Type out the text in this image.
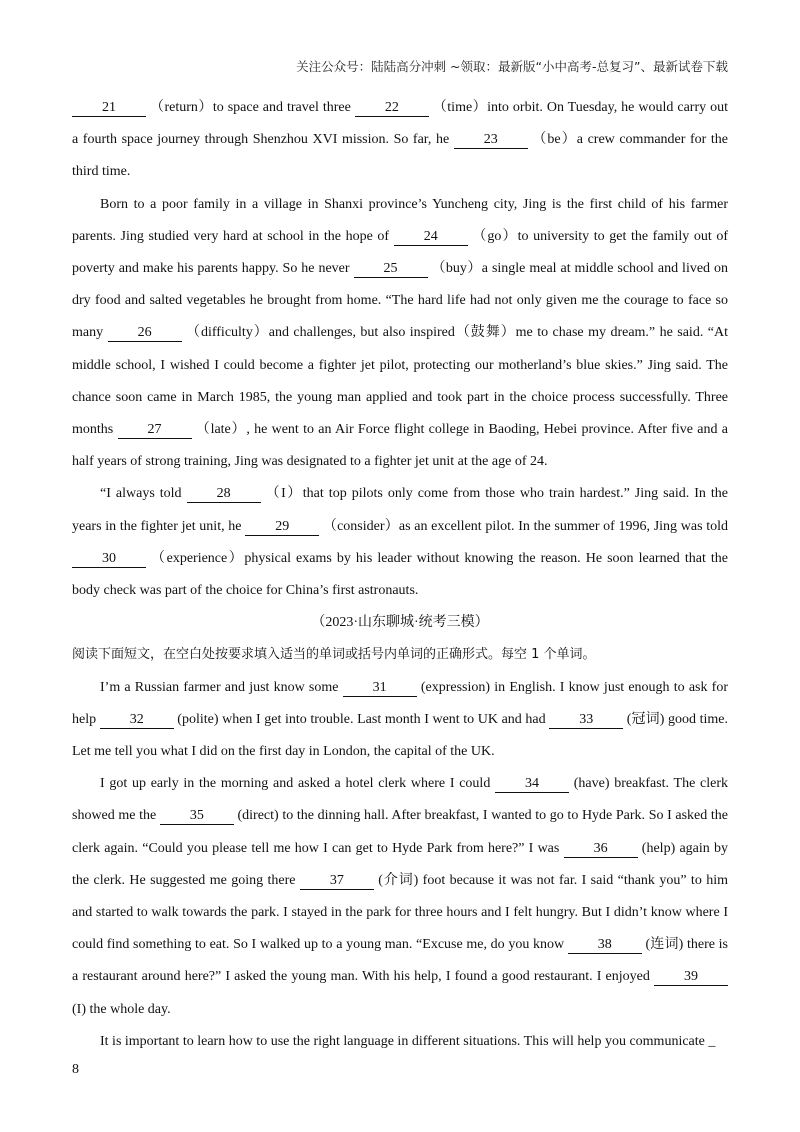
关注公众号：陆陆高分冲刺 ~领取：最新版“小中高考-总复习”、最新试卷下载

21 （return）to space and travel three 22 （time）into orbit. On Tuesday, he would carry out a fourth space journey through Shenzhou XVI mission. So far, he 23 （be）a crew commander for the third time.

Born to a poor family in a village in Shanxi province’s Yuncheng city, Jing is the first child of his farmer parents. Jing studied very hard at school in the hope of 24 （go）to university to get the family out of poverty and make his parents happy. So he never 25 （buy）a single meal at middle school and lived on dry food and salted vegetables he brought from home. “The hard life had not only given me the courage to face so many 26 （difficulty）and challenges, but also inspired（鼓舞）me to chase my dream.” he said. “At middle school, I wished I could become a fighter jet pilot, protecting our motherland’s blue skies.” Jing said. The chance soon came in March 1985, the young man applied and took part in the choice process successfully. Three months 27 （late）, he went to an Air Force flight college in Baoding, Hebei province. After five and a half years of strong training, Jing was designated to a fighter jet unit at the age of 24.

“I always told 28 （I）that top pilots only come from those who train hardest.” Jing said. In the years in the fighter jet unit, he 29 （consider）as an excellent pilot. In the summer of 1996, Jing was told 30 （experience）physical exams by his leader without knowing the reason. He soon learned that the body check was part of the choice for China’s first astronauts.

（2023·山东聊城·统考三模）

阅读下面短文，在空白处按要求填入适当的单词或括号内单词的正确形式。每空 1 个单词。

I’m a Russian farmer and just know some 31 (expression) in English. I know just enough to ask for help 32 (polite) when I get into trouble. Last month I went to UK and had 33 (冠词) good time. Let me tell you what I did on the first day in London, the capital of the UK.

I got up early in the morning and asked a hotel clerk where I could 34 (have) breakfast. The clerk showed me the 35 (direct) to the dinning hall. After breakfast, I wanted to go to Hyde Park. So I asked the clerk again. “Could you please tell me how I can get to Hyde Park from here?” I was 36 (help) again by the clerk. He suggested me going there 37 (介词) foot because it was not far. I said “thank you” to him and started to walk towards the park. I stayed in the park for three hours and I felt hungry. But I didn’t know where I could find something to eat. So I walked up to a young man. “Excuse me, do you know 38 (连词) there is a restaurant around here?” I asked the young man. With his help, I found a good restaurant. I enjoyed 39 (I) the whole day.

It is important to learn how to use the right language in different situations. This will help you communicate _

8
